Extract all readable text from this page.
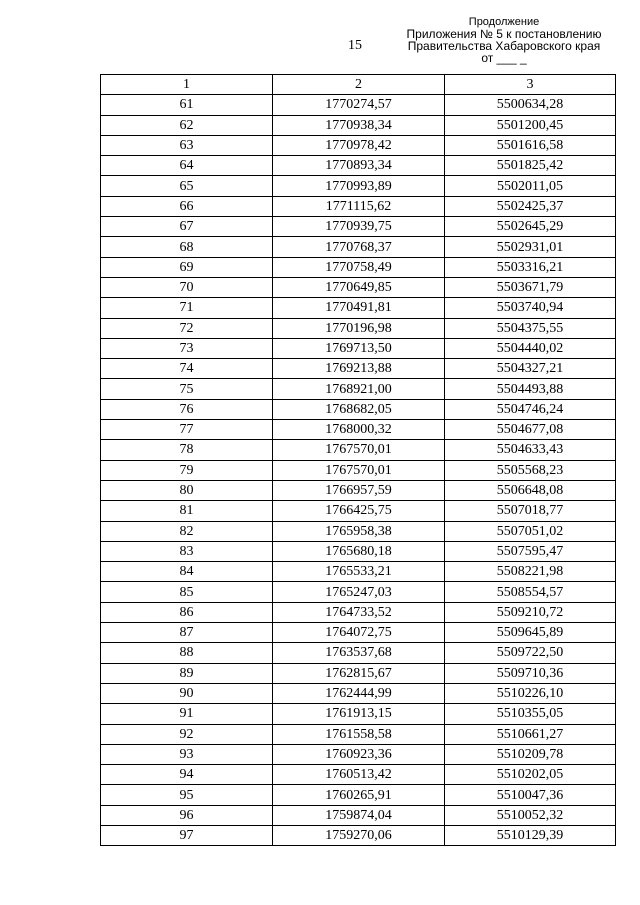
15
Продолжение
Приложения № 5 к постановлению
Правительства Хабаровского края
от ___ _
1	2	3
61	1770274,57	5500634,28
62	1770938,34	5501200,45
63	1770978,42	5501616,58
64	1770893,34	5501825,42
65	1770993,89	5502011,05
66	1771115,62	5502425,37
67	1770939,75	5502645,29
68	1770768,37	5502931,01
69	1770758,49	5503316,21
70	1770649,85	5503671,79
71	1770491,81	5503740,94
72	1770196,98	5504375,55
73	1769713,50	5504440,02
74	1769213,88	5504327,21
75	1768921,00	5504493,88
76	1768682,05	5504746,24
77	1768000,32	5504677,08
78	1767570,01	5504633,43
79	1767570,01	5505568,23
80	1766957,59	5506648,08
81	1766425,75	5507018,77
82	1765958,38	5507051,02
83	1765680,18	5507595,47
84	1765533,21	5508221,98
85	1765247,03	5508554,57
86	1764733,52	5509210,72
87	1764072,75	5509645,89
88	1763537,68	5509722,50
89	1762815,67	5509710,36
90	1762444,99	5510226,10
91	1761913,15	5510355,05
92	1761558,58	5510661,27
93	1760923,36	5510209,78
94	1760513,42	5510202,05
95	1760265,91	5510047,36
96	1759874,04	5510052,32
97	1759270,06	5510129,39
